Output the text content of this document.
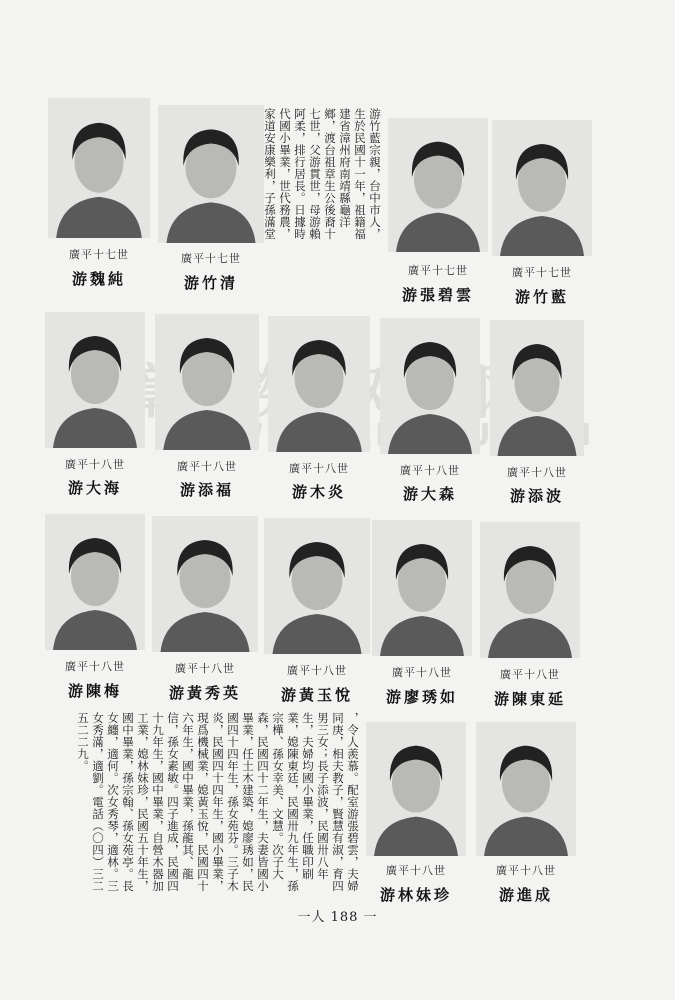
廣平十七世
游魏純
廣平十七世
游竹清
游竹藍宗親，台中市人，生於民國十一年，祖籍福建省漳州府南靖縣龜洋鄉，渡台祖章生公後裔十七世，父游貫世，母游賴阿柔，排行居長。日據時代國小畢業，世代務農，家道安康樂利，子孫滿堂
廣平十七世
游張碧雲
廣平十七世
游竹藍
廣平十八世
游大海
廣平十八世
游添福
廣平十八世
游木炎
廣平十八世
游大森
廣平十八世
游添波
廣平十八世
游陳梅
廣平十八世
游黃秀英
廣平十八世
游黃玉悅
廣平十八世
游廖琇如
廣平十八世
游陳東延
，令人羨慕。配室游張碧雲，夫婦同庚，相夫教子，賢慧有淑，育四男三女；長子添波，民國卅八年生，夫婦均國小畢業，任職印刷業，媳陳東廷，民國卅九年生，孫宗樺、孫女幸美、文慧。次子大森，民國四十二年生，夫妻皆國小畢業，任土木建築，媳廖琇如，民國四十四年生，孫女苑芬。三子木炎，民國四十四年生，國小畢業，現爲機械業，媳黃玉悅，民國四十六年生，國中畢業，孫龍其、龍信，孫女素敏。四子進成，民國四十九年生，國中畢業，自營木器加工業，媳林妹珍，民國五十年生，國中畢業，孫宗翰、孫女苑亭。長女纏，適何。次女秀琴，適林。三女秀滿，適劉。電話（〇四）三二五二二九。
廣平十八世
游林妹珍
廣平十八世
游進成
一人 188 一
